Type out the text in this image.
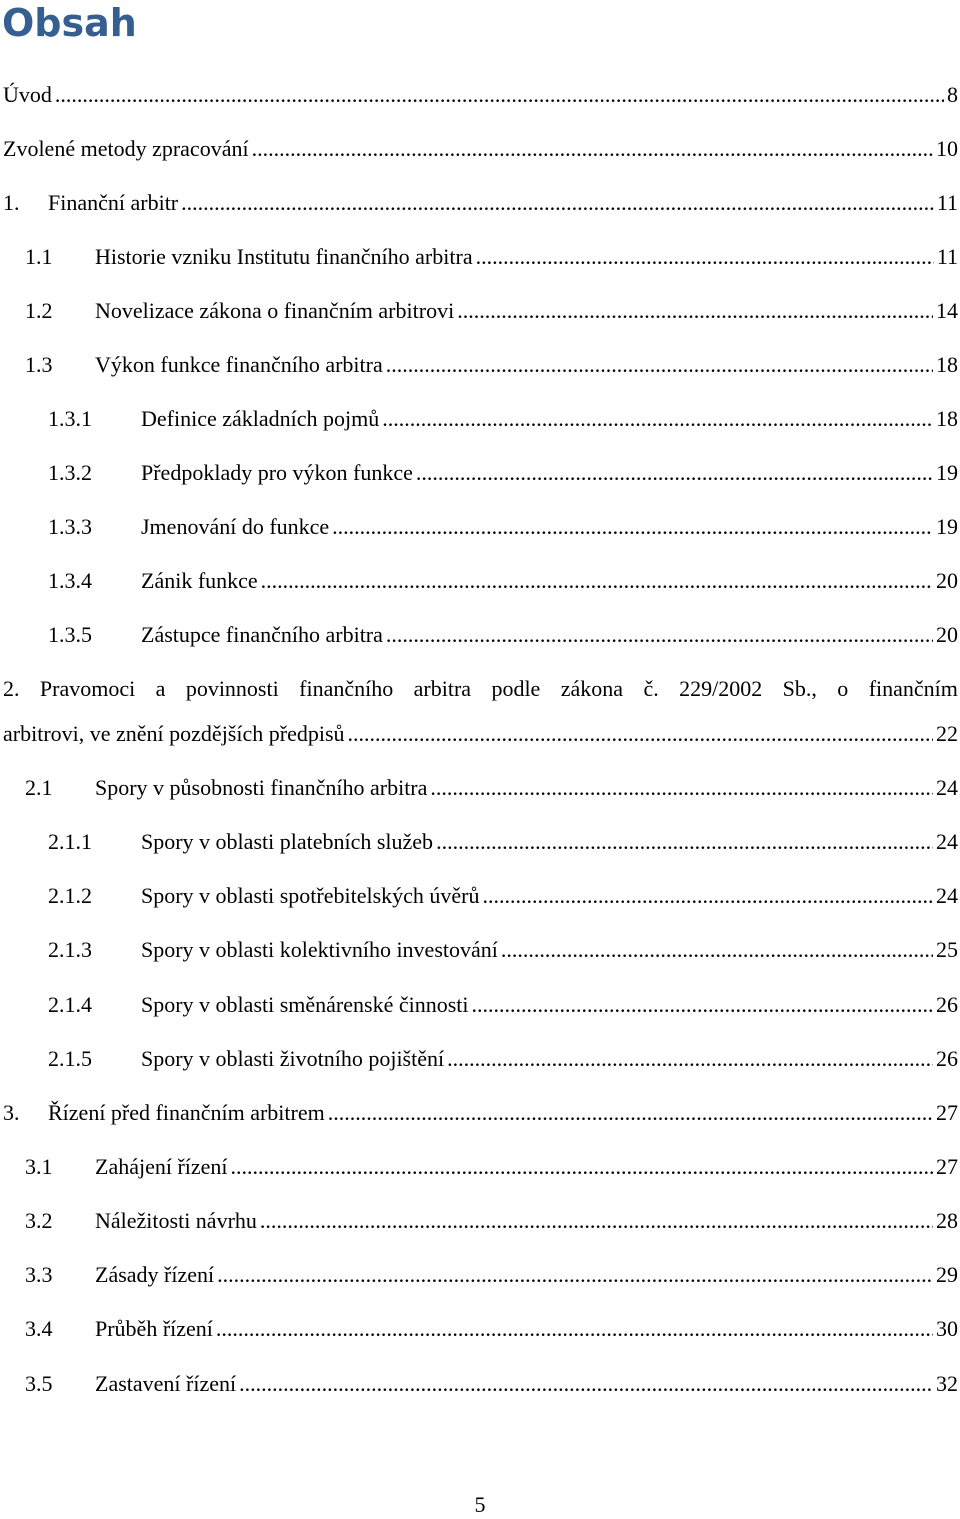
Obsah
Úvod .....	8
Zvolené metody zpracování .....	10
1.	Finanční arbitr .....	11
1.1	Historie vzniku Institutu finančního arbitra .....	11
1.2	Novelizace zákona o finančním arbitrovi .....	14
1.3	Výkon funkce finančního arbitra .....	18
1.3.1	Definice základních pojmů .....	18
1.3.2	Předpoklady pro výkon funkce .....	19
1.3.3	Jmenování do funkce .....	19
1.3.4	Zánik funkce .....	20
1.3.5	Zástupce finančního arbitra .....	20
2. Pravomoci a povinnosti finančního arbitra podle zákona č. 229/2002 Sb., o finančním
arbitrovi, ve znění pozdějších předpisů .....	22
2.1	Spory v působnosti finančního arbitra .....	24
2.1.1	Spory v oblasti platebních služeb .....	24
2.1.2	Spory v oblasti spotřebitelských úvěrů .....	24
2.1.3	Spory v oblasti kolektivního investování .....	25
2.1.4	Spory v oblasti směnárenské činnosti .....	26
2.1.5	Spory v oblasti životního pojištění .....	26
3.	Řízení před finančním arbitrem .....	27
3.1	Zahájení řízení .....	27
3.2	Náležitosti návrhu .....	28
3.3	Zásady řízení .....	29
3.4	Průběh řízení .....	30
3.5	Zastavení řízení .....	32
5
